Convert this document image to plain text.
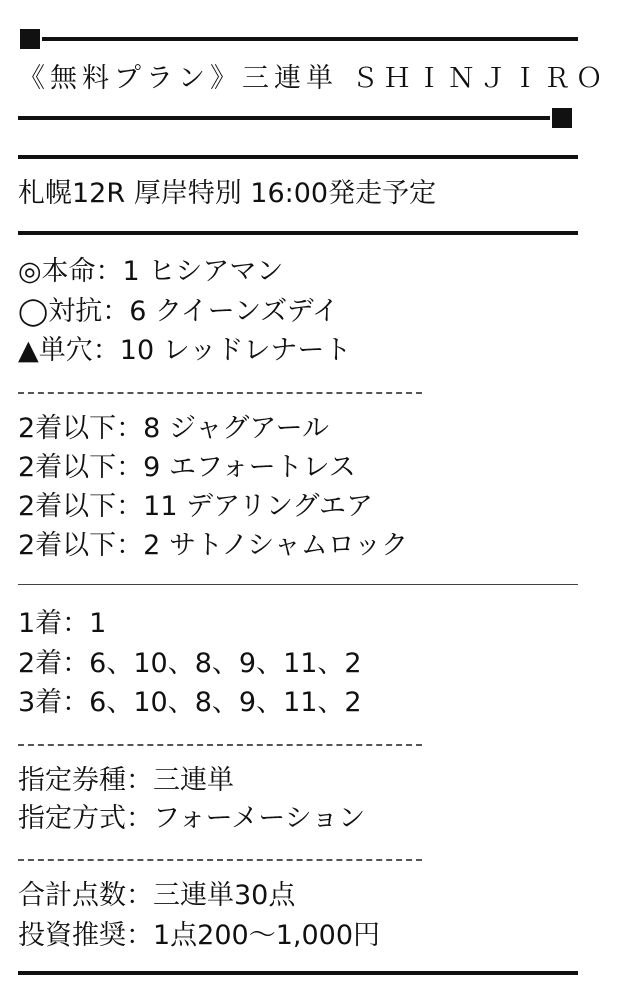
《無料プラン》三連単 ＳＨＩＮＪＩＲＯ
札幌12R 厚岸特別 16:00発走予定
◎本命：1 ヒシアマン
◯対抗：6 クイーンズデイ
▲単穴：10 レッドレナート
2着以下：8 ジャグアール
2着以下：9 エフォートレス
2着以下：11 デアリングエア
2着以下：2 サトノシャムロック
1着：1
2着：6、10、8、9、11、2
3着：6、10、8、9、11、2
指定券種：三連単
指定方式：フォーメーション
合計点数：三連単30点
投資推奨：1点200〜1,000円
